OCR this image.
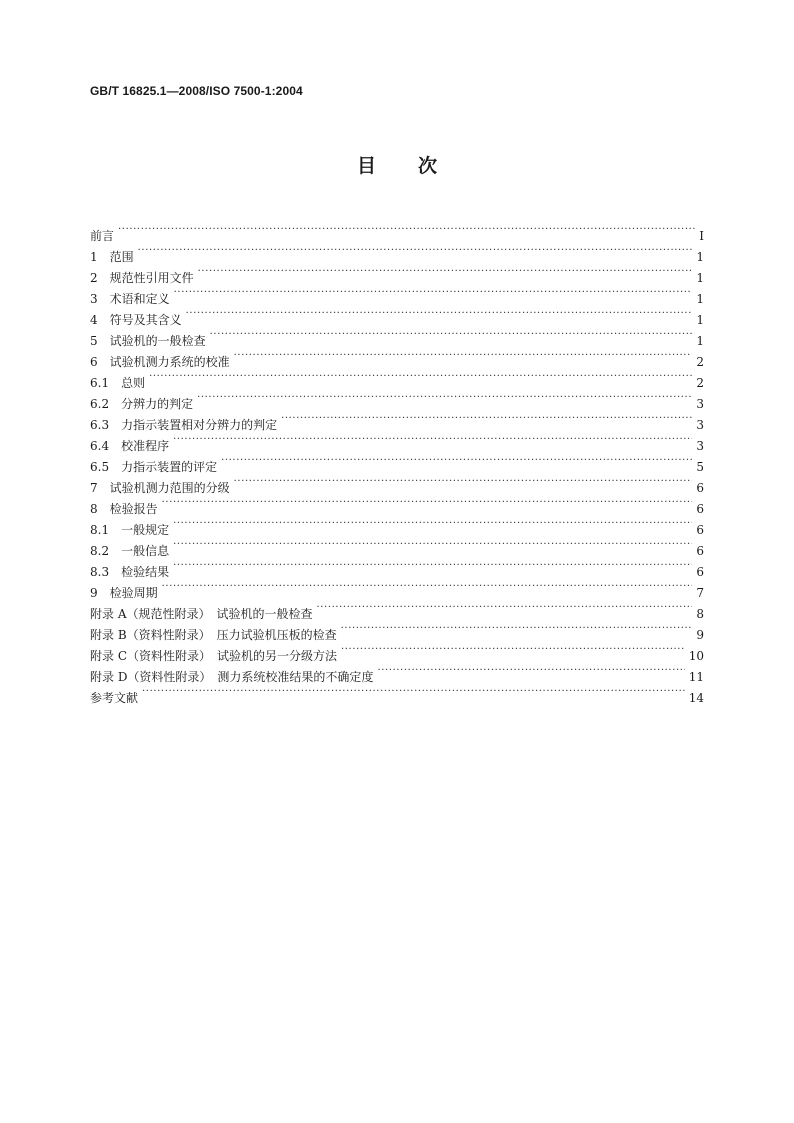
GB/T 16825.1—2008/ISO 7500-1:2004
目次
前言 ·····	I
1　范围 ·····	1
2　规范性引用文件 ·····	1
3　术语和定义 ·····	1
4　符号及其含义 ·····	1
5　试验机的一般检查 ·····	1
6　试验机测力系统的校准 ·····	2
6.1　总则 ·····	2
6.2　分辨力的判定 ·····	3
6.3　力指示装置相对分辨力的判定 ·····	3
6.4　校准程序 ·····	3
6.5　力指示装置的评定 ·····	5
7　试验机测力范围的分级 ·····	6
8　检验报告 ·····	6
8.1　一般规定 ·····	6
8.2　一般信息 ·····	6
8.3　检验结果 ·····	6
9　检验周期 ·····	7
附录 A（规范性附录）　试验机的一般检查 ·····	8
附录 B（资料性附录）　压力试验机压板的检查 ·····	9
附录 C（资料性附录）　试验机的另一分级方法 ·····	10
附录 D（资料性附录）　测力系统校准结果的不确定度 ·····	11
参考文献 ·····	14
